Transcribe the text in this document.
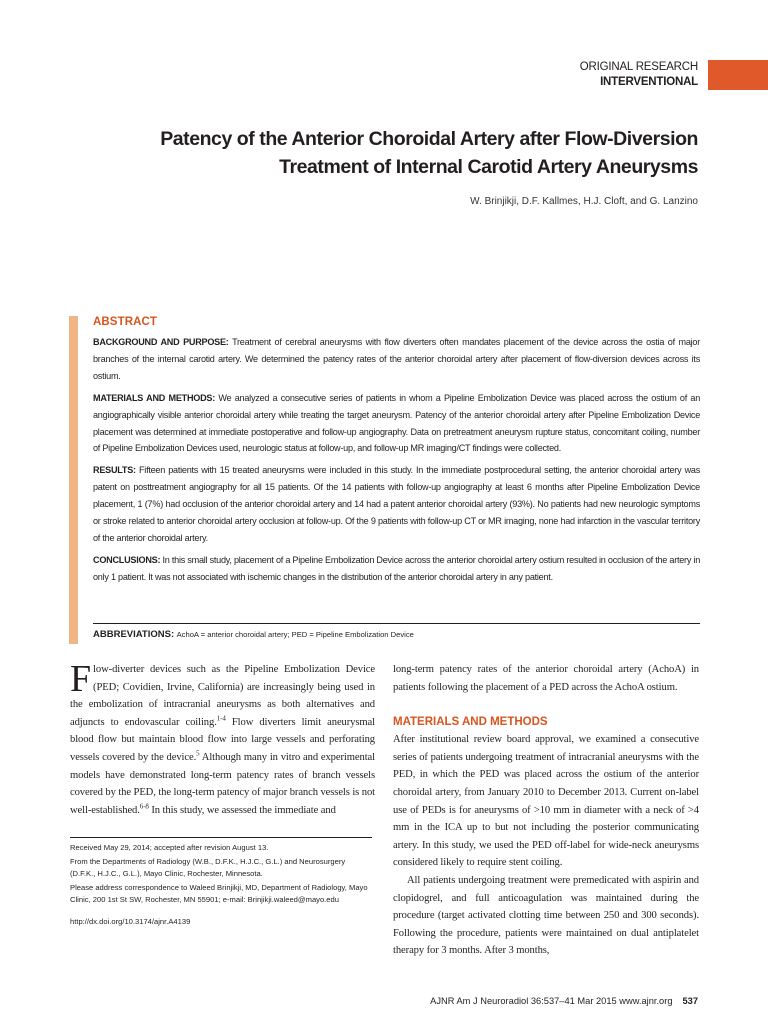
ORIGINAL RESEARCH
INTERVENTIONAL
Patency of the Anterior Choroidal Artery after Flow-Diversion
Treatment of Internal Carotid Artery Aneurysms
W. Brinjikji, D.F. Kallmes, H.J. Cloft, and G. Lanzino
ABSTRACT

BACKGROUND AND PURPOSE: Treatment of cerebral aneurysms with flow diverters often mandates placement of the device across the ostia of major branches of the internal carotid artery. We determined the patency rates of the anterior choroidal artery after placement of flow-diversion devices across its ostium.

MATERIALS AND METHODS: We analyzed a consecutive series of patients in whom a Pipeline Embolization Device was placed across the ostium of an angiographically visible anterior choroidal artery while treating the target aneurysm. Patency of the anterior choroidal artery after Pipeline Embolization Device placement was determined at immediate postoperative and follow-up angiography. Data on pretreatment aneurysm rupture status, concomitant coiling, number of Pipeline Embolization Devices used, neurologic status at follow-up, and follow-up MR imaging/CT findings were collected.

RESULTS: Fifteen patients with 15 treated aneurysms were included in this study. In the immediate postprocedural setting, the anterior choroidal artery was patent on posttreatment angiography for all 15 patients. Of the 14 patients with follow-up angiography at least 6 months after Pipeline Embolization Device placement, 1 (7%) had occlusion of the anterior choroidal artery and 14 had a patent anterior choroidal artery (93%). No patients had new neurologic symptoms or stroke related to anterior choroidal artery occlusion at follow-up. Of the 9 patients with follow-up CT or MR imaging, none had infarction in the vascular territory of the anterior choroidal artery.

CONCLUSIONS: In this small study, placement of a Pipeline Embolization Device across the anterior choroidal artery ostium resulted in occlusion of the artery in only 1 patient. It was not associated with ischemic changes in the distribution of the anterior choroidal artery in any patient.

ABBREVIATIONS: AchoA = anterior choroidal artery; PED = Pipeline Embolization Device

Flow-diverter devices such as the Pipeline Embolization Device (PED; Covidien, Irvine, California) are increasingly being used in the embolization of intracranial aneurysms as both alternatives and adjuncts to endovascular coiling.$^{1-4}$ Flow diverters limit aneurysmal blood flow but maintain blood flow into large vessels and perforating vessels covered by the device.$^5$ Although many in vitro and experimental models have demonstrated long-term patency rates of branch vessels covered by the PED, the long-term patency of major branch vessels is not well-established.$^{6-8}$ In this study, we assessed the immediate and

Received May 29, 2014; accepted after revision August 13.

From the Departments of Radiology (W.B., D.F.K., H.J.C., G.L.) and Neurosurgery (D.F.K., H.J.C., G.L.), Mayo Clinic, Rochester, Minnesota.

Please address correspondence to Waleed Brinjikji, MD, Department of Radiology, Mayo Clinic, 200 1st St SW, Rochester, MN 55901; e-mail: Brinjikji.waleed@mayo.edu

http://dx.doi.org/10.3174/ajnr.A4139

long-term patency rates of the anterior choroidal artery (AchoA) in patients following the placement of a PED across the AchoA ostium.

MATERIALS AND METHODS

After institutional review board approval, we examined a consecutive series of patients undergoing treatment of intracranial aneurysms with the PED, in which the PED was placed across the ostium of the anterior choroidal artery, from January 2010 to December 2013. Current on-label use of PEDs is for aneurysms of >10 mm in diameter with a neck of >4 mm in the ICA up to but not including the posterior communicating artery. In this study, we used the PED off-label for wide-neck aneurysms considered likely to require stent coiling.

All patients undergoing treatment were premedicated with aspirin and clopidogrel, and full anticoagulation was maintained during the procedure (target activated clotting time between 250 and 300 seconds). Following the procedure, patients were maintained on dual antiplatelet therapy for 3 months. After 3 months,

AJNR Am J Neuroradiol 36:537–41 Mar 2015 www.ajnr.org 537
